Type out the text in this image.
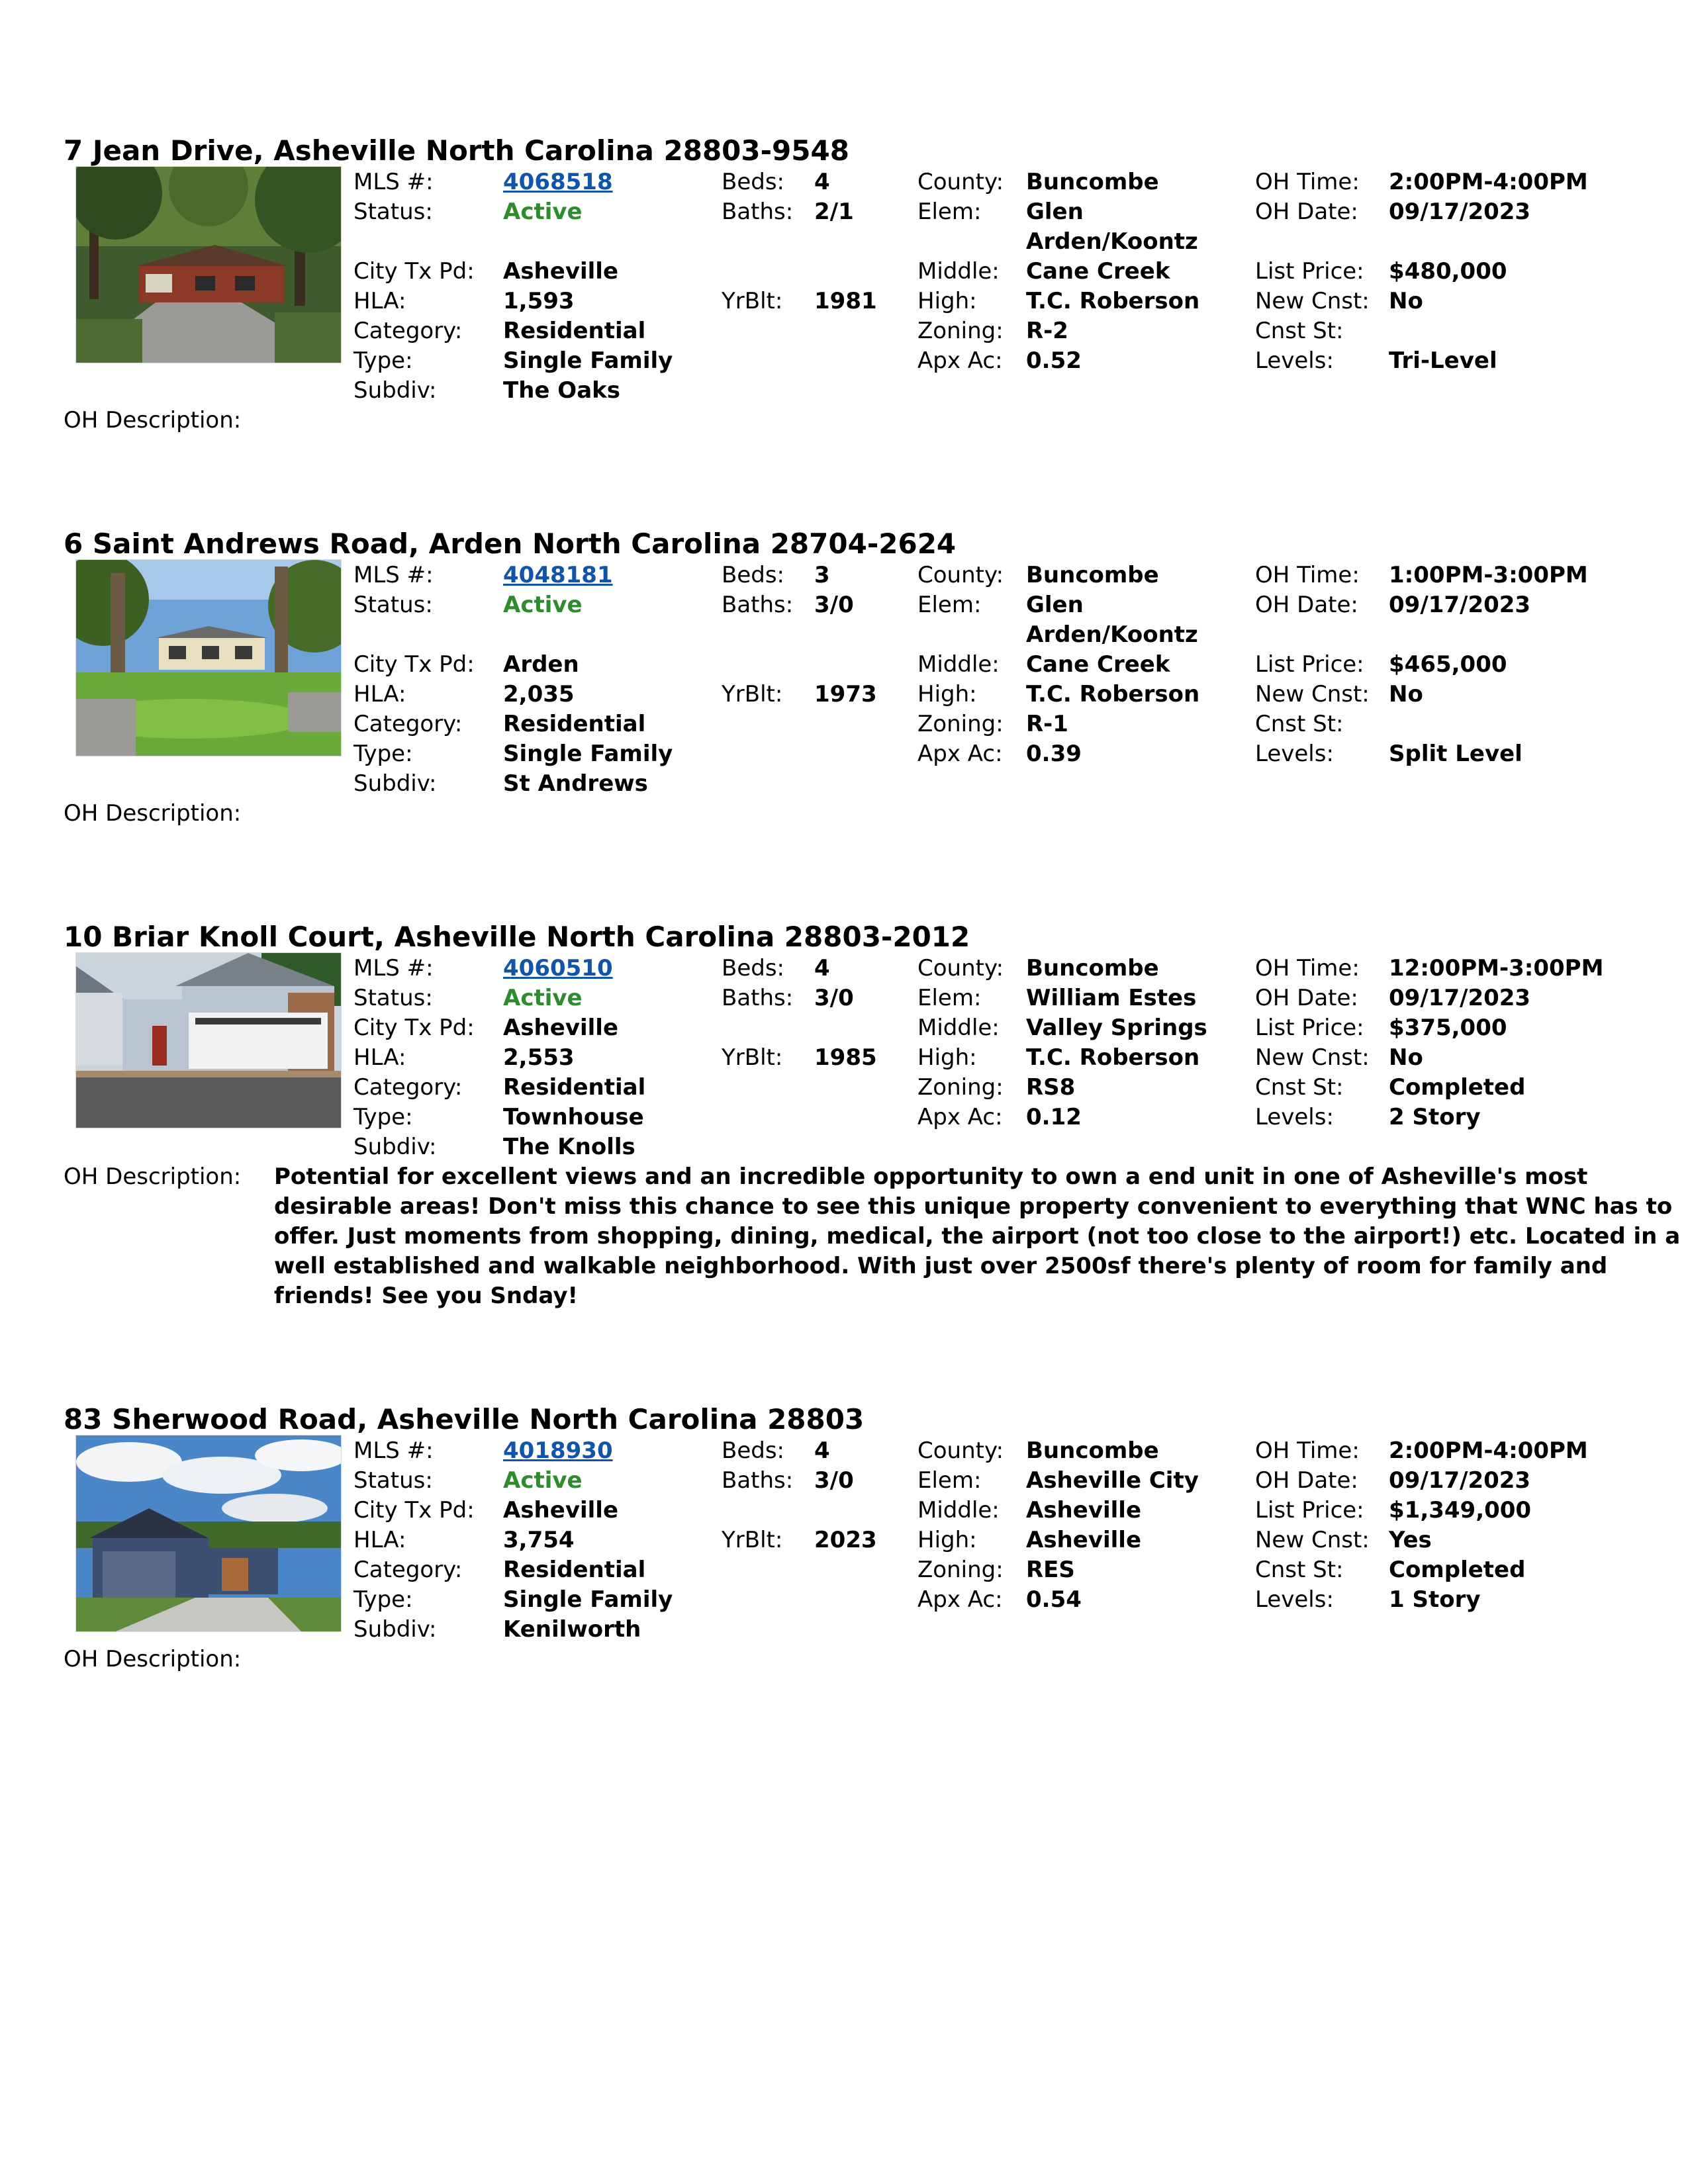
7 Jean Drive, Asheville North Carolina 28803-9548
MLS #:	4068518
Status:	Active
City Tx Pd: Asheville
HLA:	1,593
Category: Residential
Type:	Single Family
Subdiv:	The Oaks
Beds: 4
Baths: 2/1
YrBlt: 1981
County: Buncombe
Elem: Glen
Arden/Koontz
Middle: Cane Creek
High: T.C. Roberson
Zoning: R-2
Apx Ac: 0.52
OH Time: 2:00PM-4:00PM
OH Date: 09/17/2023
List Price: $480,000
New Cnst: No
Cnst St:
Levels: Tri-Level
OH Description:
6 Saint Andrews Road, Arden North Carolina 28704-2624
MLS #:	4048181
Status:	Active
City Tx Pd: Arden
HLA:	2,035
Category: Residential
Type:	Single Family
Subdiv:	St Andrews
Beds: 3
Baths: 3/0
YrBlt: 1973
County: Buncombe
Elem: Glen
Arden/Koontz
Middle: Cane Creek
High: T.C. Roberson
Zoning: R-1
Apx Ac: 0.39
OH Time: 1:00PM-3:00PM
OH Date: 09/17/2023
List Price: $465,000
New Cnst: No
Cnst St:
Levels: Split Level
OH Description:
10 Briar Knoll Court, Asheville North Carolina 28803-2012
MLS #:	4060510
Status:	Active
City Tx Pd: Asheville
HLA:	2,553
Category: Residential
Type:	Townhouse
Subdiv:	The Knolls
Beds: 4
Baths: 3/0
YrBlt: 1985
County: Buncombe
Elem: William Estes
Middle: Valley Springs
High: T.C. Roberson
Zoning: RS8
Apx Ac: 0.12
OH Time: 12:00PM-3:00PM
OH Date: 09/17/2023
List Price: $375,000
New Cnst: No
Cnst St: Completed
Levels: 2 Story
OH Description: Potential for excellent views and an incredible opportunity to own a end unit in one of Asheville's most desirable areas! Don't miss this chance to see this unique property convenient to everything that WNC has to offer. Just moments from shopping, dining, medical, the airport (not too close to the airport!) etc. Located in a well established and walkable neighborhood. With just over 2500sf there's plenty of room for family and friends! See you Snday!
83 Sherwood Road, Asheville North Carolina 28803
MLS #:	4018930
Status:	Active
City Tx Pd: Asheville
HLA:	3,754
Category: Residential
Type:	Single Family
Subdiv:	Kenilworth
Beds: 4
Baths: 3/0
YrBlt: 2023
County: Buncombe
Elem: Asheville City
Middle: Asheville
High: Asheville
Zoning: RES
Apx Ac: 0.54
OH Time: 2:00PM-4:00PM
OH Date: 09/17/2023
List Price: $1,349,000
New Cnst: Yes
Cnst St: Completed
Levels: 1 Story
OH Description:
